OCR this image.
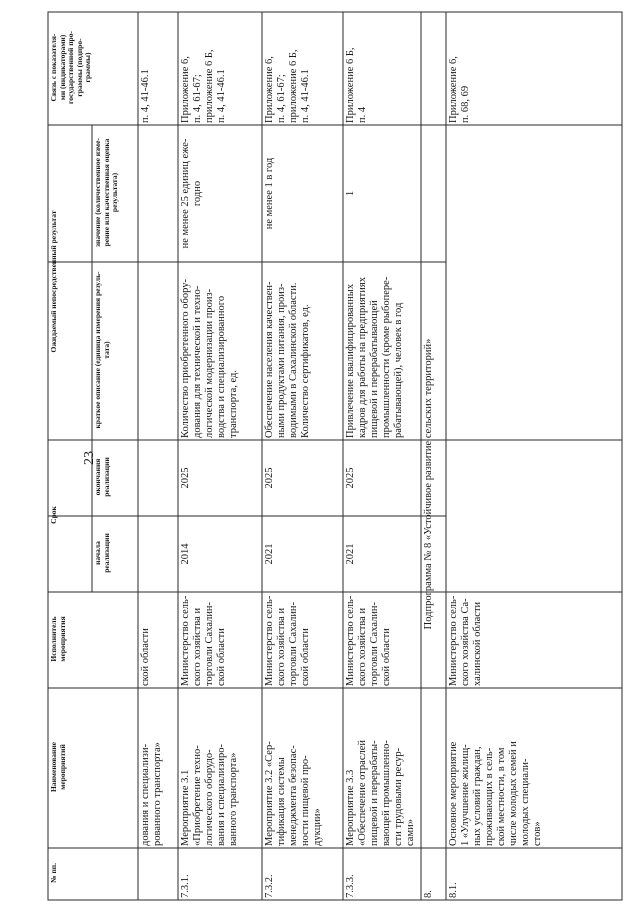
23
№ пп.
Наименование
мероприятий
Исполнитель
мероприятия
Срок
начала
реализации
окончания
реализации
Ожидаемый непосредственный результат
краткое описание (единица измерения резуль-
тата)
значение (количественное изме-
рение или качественная оценка
результата)
Связь с показателя-
ми (индикаторами)
государственной про-
граммы (подпро-
граммы)
дования и специализи-
рованного транспорта»
ской области
п. 4, 41-46.1
7.3.1.
Мероприятие 3.1
«Приобретение техно-
логического оборудо-
вания и специализиро-
ванного транспорта»
Министерство сель-
ского хозяйства и
торговли Сахалин-
ской области
2014
2025
Количество приобретенного обору-
дования для технической и техно-
логической модернизации произ-
водства и специализированного
транспорта, ед.
не менее 25 единиц еже-
годно
Приложение 6,
п. 4, 61-67;
приложение 6 Б,
п. 4, 41-46.1
7.3.2.
Мероприятие 3.2 «Сер-
тификация системы
менеджмента безопас-
ности пищевой про-
дукции»
Министерство сель-
ского хозяйства и
торговли Сахалин-
ской области
2021
2025
Обеспечение населения качествен-
ными продуктами питания, произ-
водимыми в Сахалинской области.
Количество сертификатов, ед.
не менее 1 в год
Приложение 6,
п. 4, 61-67;
приложение 6 Б,
п. 4, 41-46.1
7.3.3.
Мероприятие 3.3
«Обеспечение отраслей
пищевой и перерабаты-
вающей промышленно-
сти трудовыми ресур-
сами»
Министерство сель-
ского хозяйства и
торговли Сахалин-
ской области
2021
2025
Привлечение квалифицированных
кадров для работы на предприятиях
пищевой и перерабатывающей
промышленности (кроме рыбопере-
рабатывающей), человек в год
1
Приложение 6 Б,
п. 4
8.
Подпрограмма № 8 «Устойчивое развитие сельских территорий»
8.1.
Основное мероприятие
1 «Улучшение жилищ-
ных условий граждан,
проживающих в сель-
ской местности, в том
числе молодых семей и
молодых специали-
стов»
Министерство сель-
ского хозяйства Са-
халинской области
Приложение 6,
п. 68, 69
